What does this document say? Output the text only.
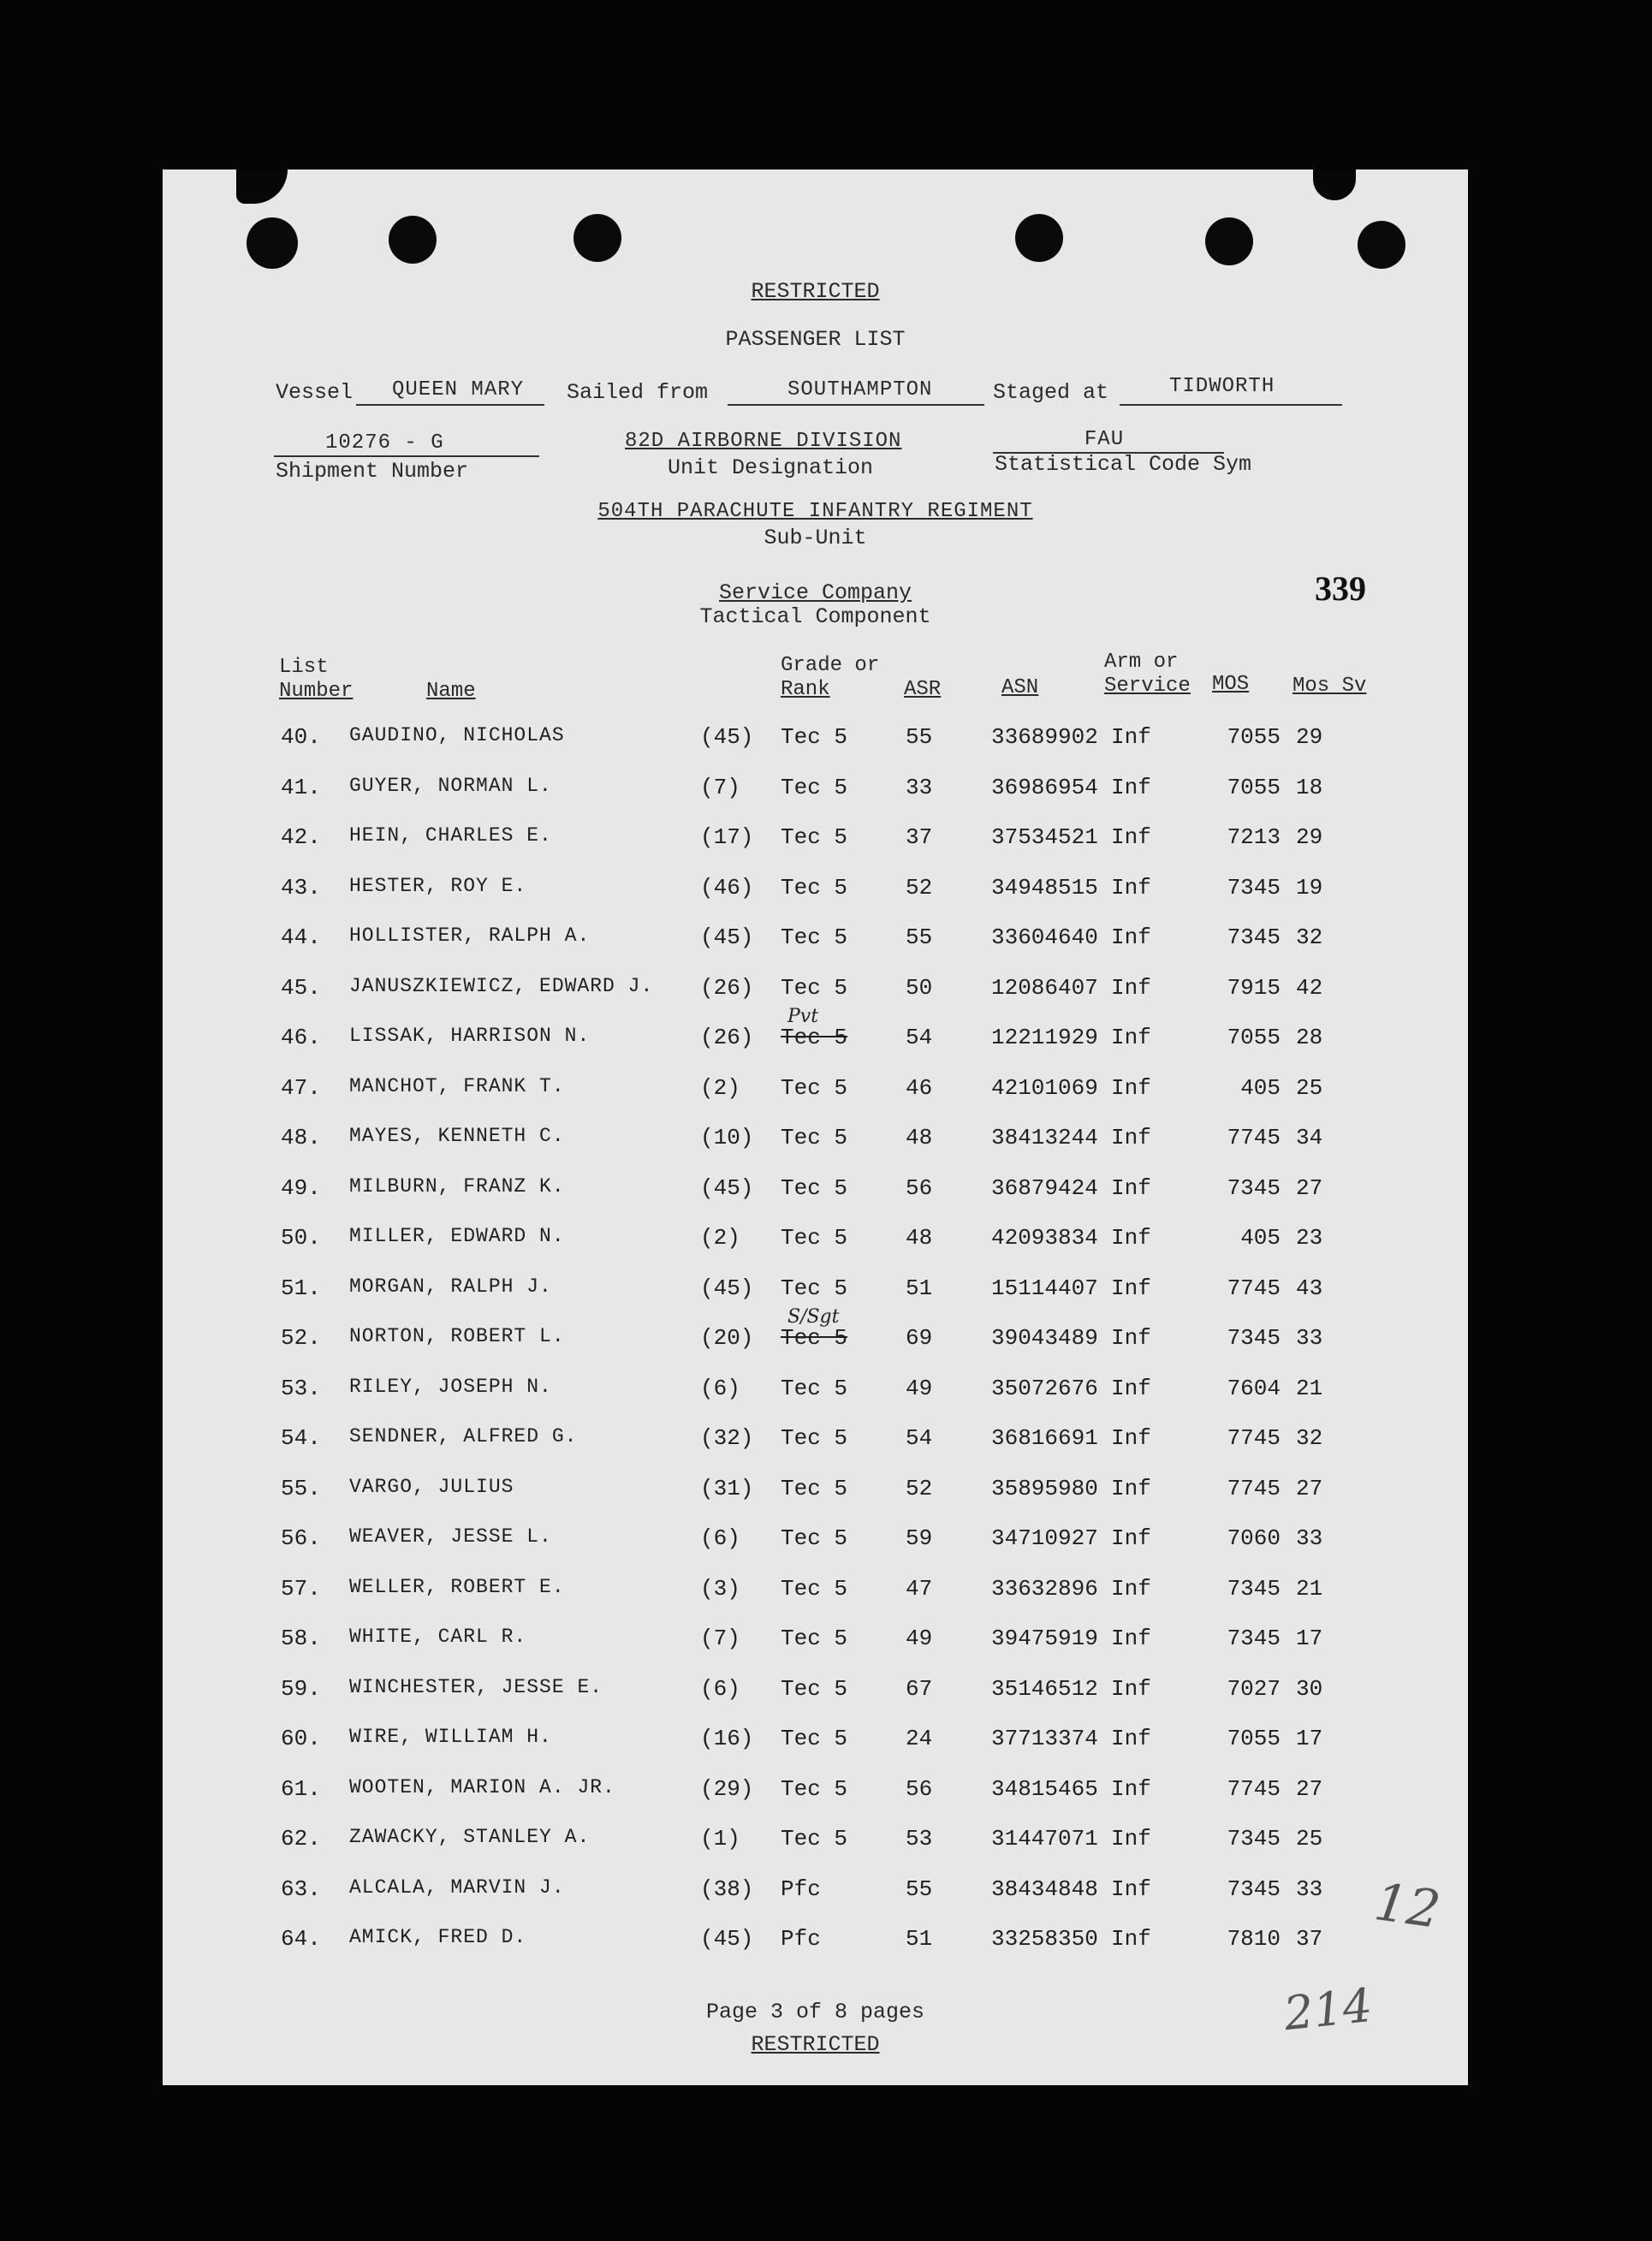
RESTRICTED
PASSENGER LIST
Vessel QUEEN MARY Sailed from	SOUTHAMPTON	Staged at	TIDWORTH
10276 - G
Shipment Number
82D AIRBORNE DIVISION
Unit Designation
FAU
Statistical Code Sym
504TH PARACHUTE INFANTRY REGIMENT
Sub-Unit
Service Company
Tactical Component
339
List
Number	Name
Grade or
Rank	ASR	ASN
Arm or
Service MOS Mos Sv
40. GAUDINO, NICHOLAS	(45) Tec 5	55	33689902 Inf	7055 29
41. GUYER, NORMAN L.	(7) Tec 5	33	36986954 Inf	7055 18
42. HEIN, CHARLES E.	(17) Tec 5	37	37534521 Inf	7213 29
43. HESTER, ROY E.	(46) Tec 5	52	34948515 Inf	7345 19
44. HOLLISTER, RALPH A.	(45) Tec 5	55	33604640 Inf	7345 32
45. JANUSZKIEWICZ, EDWARD J. (26) Tec 5	50	12086407 Inf	7915 42
46. LISSAK, HARRISON N.	(26) Tec 5	54	12211929 Inf	7055 28
Pvt
47. MANCHOT, FRANK T.	(2) Tec 5	46	42101069 Inf	405 25
48. MAYES, KENNETH C.	(10) Tec 5	48	38413244 Inf	7745 34
49. MILBURN, FRANZ K.	(45) Tec 5	56	36879424 Inf	7345 27
50. MILLER, EDWARD N.	(2) Tec 5	48	42093834 Inf	405 23
51. MORGAN, RALPH J.	(45) Tec 5	51	15114407 Inf	7745 43
52. NORTON, ROBERT L.	(20) Tec 5	69	39043489 Inf	7345 33
S/Sgt
53. RILEY, JOSEPH N.	(6) Tec 5	49	35072676 Inf	7604 21
54. SENDNER, ALFRED G.	(32) Tec 5	54	36816691 Inf	7745 32
55. VARGO, JULIUS	(31) Tec 5	52	35895980 Inf	7745 27
56. WEAVER, JESSE L.	(6) Tec 5	59	34710927 Inf	7060 33
57. WELLER, ROBERT E.	(3) Tec 5	47	33632896 Inf	7345 21
58. WHITE, CARL R.	(7) Tec 5	49	39475919 Inf	7345 17
59. WINCHESTER, JESSE E.	(6) Tec 5	67	35146512 Inf	7027 30
60. WIRE, WILLIAM H.	(16) Tec 5	24	37713374 Inf	7055 17
61. WOOTEN, MARION A. JR.	(29) Tec 5	56	34815465 Inf	7745 27
62. ZAWACKY, STANLEY A.	(1) Tec 5	53	31447071 Inf	7345 25
63. ALCALA, MARVIN J.	(38) Pfc	55	38434848 Inf	7345 33
64. AMICK, FRED D.	(45) Pfc	51	33258350 Inf	7810 37
Page 3 of 8 pages
RESTRICTED
12
214
